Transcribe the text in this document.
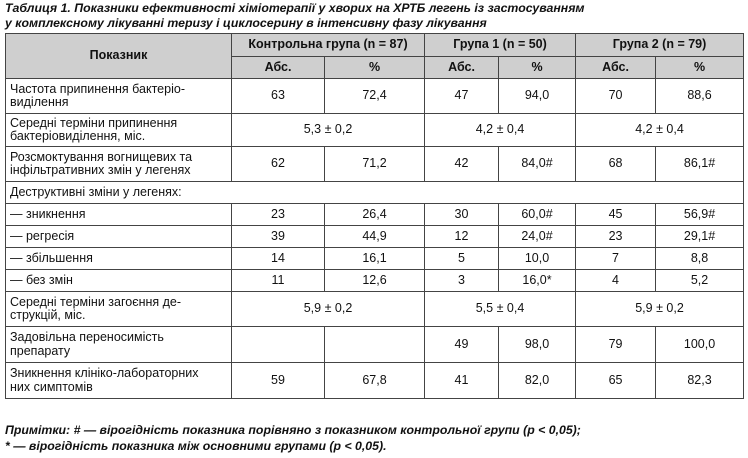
Таблиця 1. Показники ефективності хіміотерапії у хворих на ХРТБ легень із застосуванням
у комплексному лікуванні теризу і циклосерину в інтенсивну фазу лікування
Показник	Контрольна група (n = 87)		Група 1 (n = 50)		Група 2 (n = 79)	
	Абс.	%	Абс.	%	Абс.	%
Частота припинення бактеріо-
виділення	63	72,4	47	94,0	70	88,6
Середні терміни припинення
бактеріовиділення, міс.	5,3 ± 0,2		4,2 ± 0,4		4,2 ± 0,4	
Розсмоктування вогнищевих та
інфільтративних змін у легенях	62	71,2	42	84,0#	68	86,1#
Деструктивні зміни у легенях:						
— зникнення	23	26,4	30	60,0#	45	56,9#
— регресія	39	44,9	12	24,0#	23	29,1#
— збільшення	14	16,1	5	10,0	7	8,8
— без змін	11	12,6	3	16,0*	4	5,2
Середні терміни загоєння де-
струкцій, міс.	5,9 ± 0,2		5,5 ± 0,4		5,9 ± 0,2	
Задовільна переносимість
препарату			49	98,0	79	100,0
Зникнення клініко-лабораторних
них симптомів	59	67,8	41	82,0	65	82,3
Примітки: # — вірогідність показника порівняно з показником контрольної групи (p < 0,05);
* — вірогідність показника між основними групами (p < 0,05).
